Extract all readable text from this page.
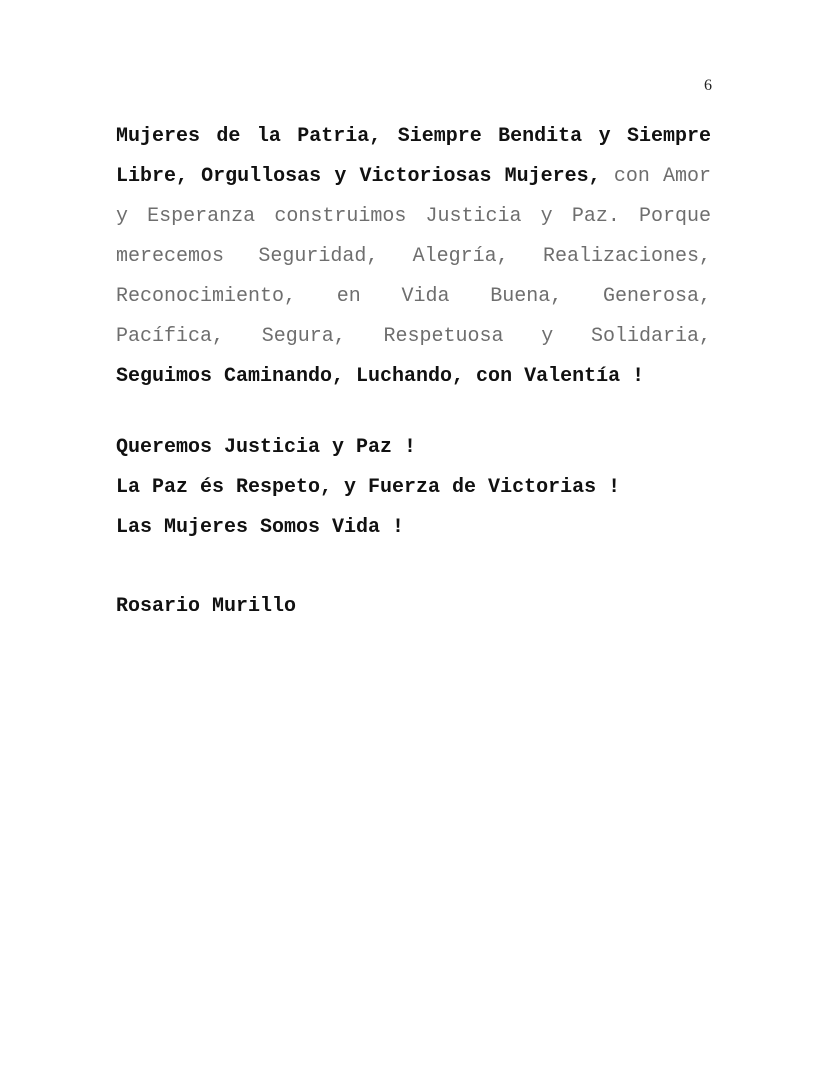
6

Mujeres de la Patria, Siempre Bendita y Siempre Libre, Orgullosas y Victoriosas Mujeres, con Amor y Esperanza construimos Justicia y Paz. Porque merecemos Seguridad, Alegría, Realizaciones, Reconocimiento, en Vida Buena, Generosa, Pacífica, Segura, Respetuosa y Solidaria, Seguimos Caminando, Luchando, con Valentía !

Queremos Justicia y Paz !

La Paz és Respeto, y Fuerza de Victorias !

Las Mujeres Somos Vida !

Rosario Murillo
